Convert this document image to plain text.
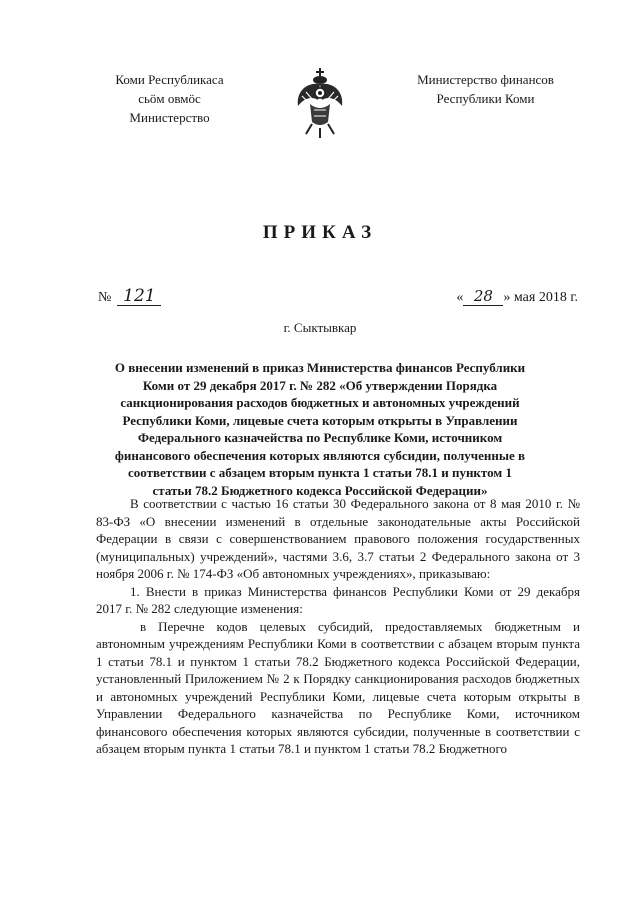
Коми Республикаса
сьӧм овмӧс
Министерство
Министерство финансов
Республики Коми
ПРИКАЗ
№ 121	« 28 » мая 2018 г.
г. Сыктывкар
О внесении изменений в приказ Министерства финансов Республики Коми от 29 декабря 2017 г. № 282 «Об утверждении Порядка санкционирования расходов бюджетных и автономных учреждений Республики Коми, лицевые счета которым открыты в Управлении Федерального казначейства по Республике Коми, источником финансового обеспечения которых являются субсидии, полученные в соответствии с абзацем вторым пункта 1 статьи 78.1 и пунктом 1 статьи 78.2 Бюджетного кодекса Российской Федерации»

В соответствии с частью 16 статьи 30 Федерального закона от 8 мая 2010 г. № 83-ФЗ «О внесении изменений в отдельные законодательные акты Российской Федерации в связи с совершенствованием правового положения государственных (муниципальных) учреждений», частями 3.6, 3.7 статьи 2 Федерального закона от 3 ноября 2006 г. № 174-ФЗ «Об автономных учреждениях», приказываю:

1. Внести в приказ Министерства финансов Республики Коми от 29 декабря 2017 г. № 282 следующие изменения:

в Перечне кодов целевых субсидий, предоставляемых бюджетным и автономным учреждениям Республики Коми в соответствии с абзацем вторым пункта 1 статьи 78.1 и пунктом 1 статьи 78.2 Бюджетного кодекса Российской Федерации, установленный Приложением № 2 к Порядку санкционирования расходов бюджетных и автономных учреждений Республики Коми, лицевые счета которым открыты в Управлении Федерального казначейства по Республике Коми, источником финансового обеспечения которых являются субсидии, полученные в соответствии с абзацем вторым пункта 1 статьи 78.1 и пунктом 1 статьи 78.2 Бюджетного
